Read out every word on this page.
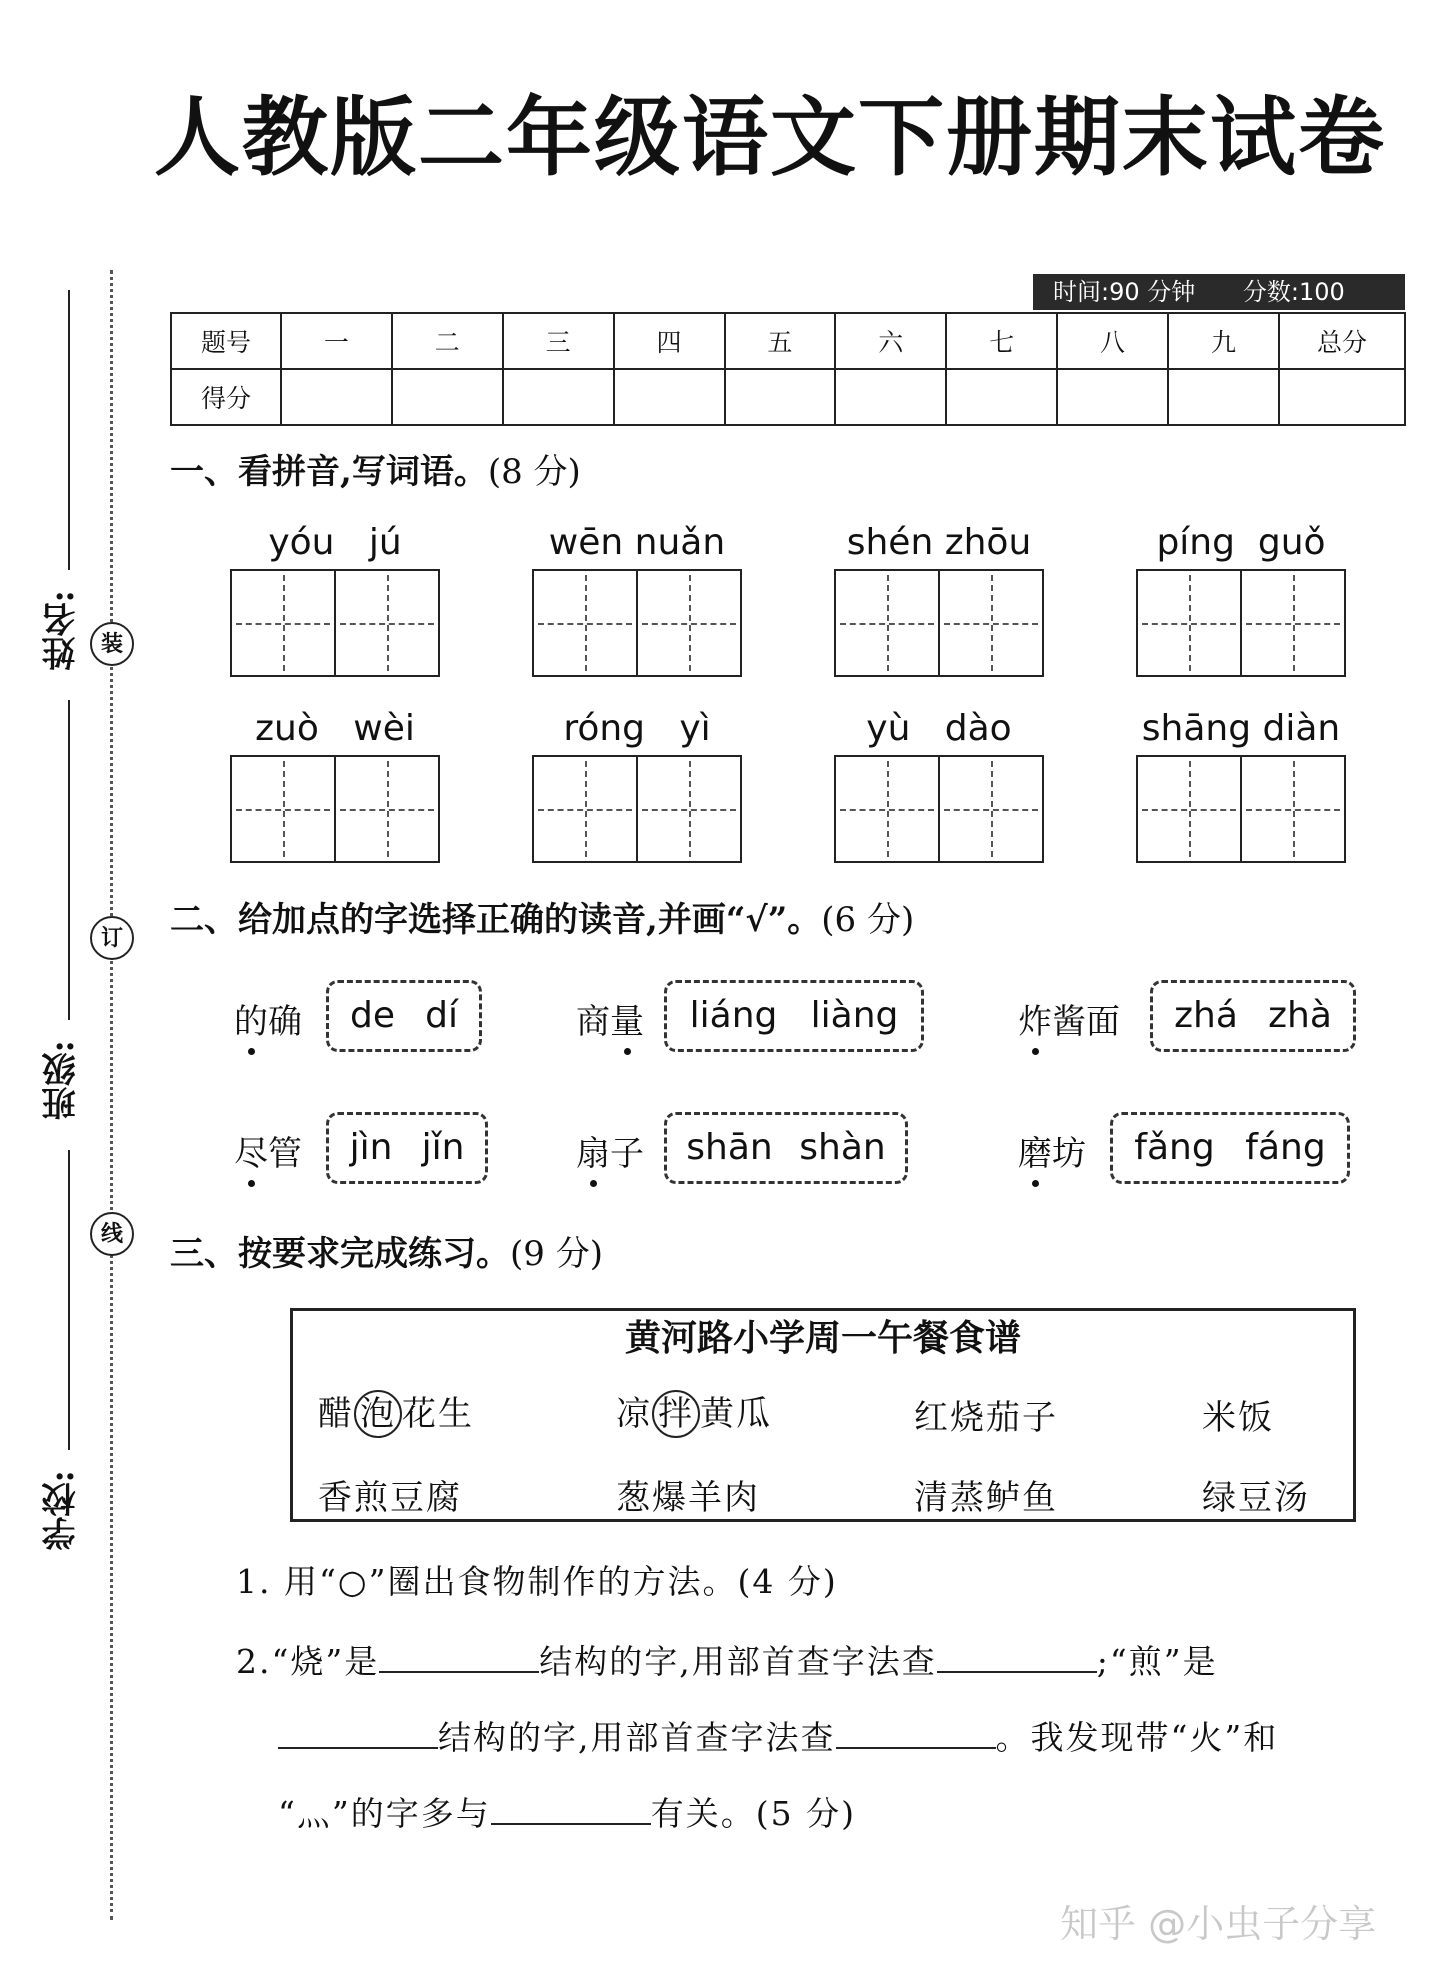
人教版二年级语文下册期末试卷
姓名:
班级:
学校:
装
订
线
时间:90 分钟 分数:100 分
题号	一	二	三	四	五	六	七	八	九	总分
得分										
一、看拼音,写词语。(8 分)
yóu jú	wēn nuǎn	shén zhōu	píng guǒ
zuò wèi	róng yì	yù dào	shāng diàn
二、给加点的字选择正确的读音,并画“√”。(6 分)
的确 de dí	商量 liáng liàng	炸酱面 zhá zhà
尽管 jìn jǐn	扇子 shān shàn	磨坊 fǎng fáng
三、按要求完成练习。(9 分)
黄河路小学周一午餐食谱
醋 泡 花生	凉 拌 黄瓜	红烧茄子	米饭
香煎豆腐	葱爆羊肉	清蒸鲈鱼	绿豆汤
1. 用“○”圈出食物制作的方法。(4 分)
2.“烧”是	结构的字,用部首查字法查	;“煎”是
结构的字,用部首查字法查	。我发现带“火”和
“灬”的字多与	有关。(5 分)
知乎 @小虫子分享
